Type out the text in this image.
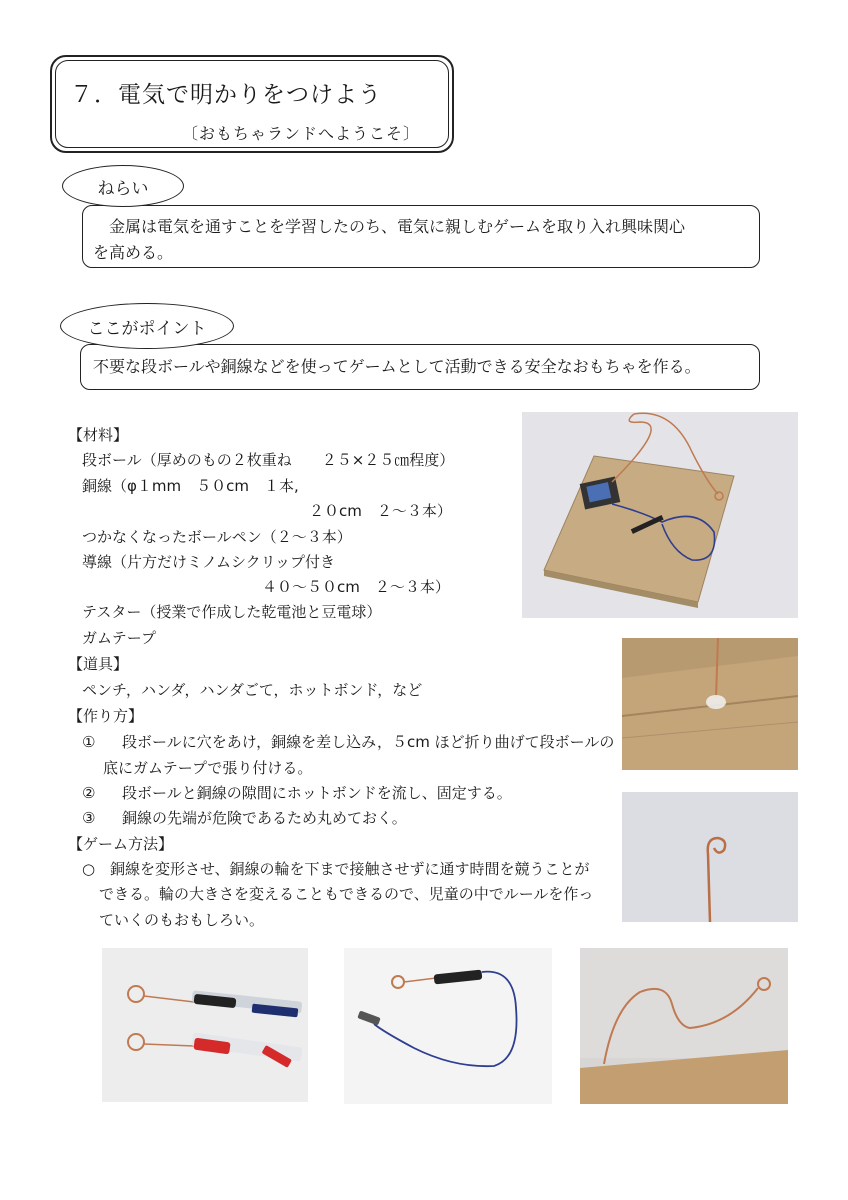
７．電気で明かりをつけよう
〔おもちゃランドへようこそ〕
　金属は電気を通すことを学習したのち、電気に親しむゲームを取り入れ興味関心
を高める。
ねらい
不要な段ボールや銅線などを使ってゲームとして活動できる安全なおもちゃを作る。
ここがポイント
【材料】
段ボール（厚めのもの２枚重ね　　２５×２５㎝程度）
銅線（φ１mm　５０cm　１本,
２０cm　２～３本）
つかなくなったボールペン（２～３本）
導線（片方だけミノムシクリップ付き
４０～５０cm　２～３本）
テスター（授業で作成した乾電池と豆電球）
ガムテープ
【道具】
ペンチ，ハンダ，ハンダごて，ホットボンド，など
【作り方】
① 段ボールに穴をあけ，銅線を差し込み，５cm ほど折り曲げて段ボールの
底にガムテープで張り付ける。
② 段ボールと銅線の隙間にホットボンドを流し、固定する。
③ 銅線の先端が危険であるため丸めておく。
【ゲーム方法】
○ 銅線を変形させ、銅線の輪を下まで接触させずに通す時間を競うことが
できる。輪の大きさを変えることもできるので、児童の中でルールを作っ
ていくのもおもしろい。
